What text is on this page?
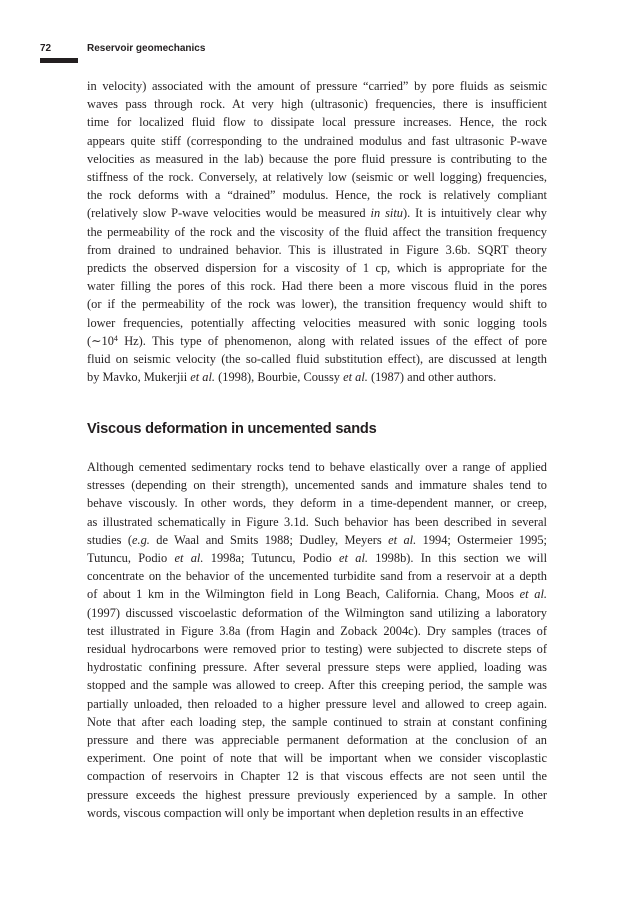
72	Reservoir geomechanics

in velocity) associated with the amount of pressure “carried” by pore fluids as seismic
waves pass through rock. At very high (ultrasonic) frequencies, there is insufficient
time for localized fluid flow to dissipate local pressure increases. Hence, the rock
appears quite stiff (corresponding to the undrained modulus and fast ultrasonic P-wave
velocities as measured in the lab) because the pore fluid pressure is contributing to the
stiffness of the rock. Conversely, at relatively low (seismic or well logging) frequencies,
the rock deforms with a “drained” modulus. Hence, the rock is relatively compliant
(relatively slow P-wave velocities would be measured in situ). It is intuitively clear why
the permeability of the rock and the viscosity of the fluid affect the transition frequency
from drained to undrained behavior. This is illustrated in Figure 3.6b. SQRT theory
predicts the observed dispersion for a viscosity of 1 cp, which is appropriate for the
water filling the pores of this rock. Had there been a more viscous fluid in the pores
(or if the permeability of the rock was lower), the transition frequency would shift to
lower frequencies, potentially affecting velocities measured with sonic logging tools
($\sim 10^4$ Hz). This type of phenomenon, along with related issues of the effect of pore
fluid on seismic velocity (the so-called fluid substitution effect), are discussed at length
by Mavko, Mukerjii et al. (1998), Bourbie, Coussy et al. (1987) and other authors.

Viscous deformation in uncemented sands

Although cemented sedimentary rocks tend to behave elastically over a range of applied
stresses (depending on their strength), uncemented sands and immature shales tend to
behave viscously. In other words, they deform in a time-dependent manner, or creep,
as illustrated schematically in Figure 3.1d. Such behavior has been described in several
studies (e.g. de Waal and Smits 1988; Dudley, Meyers et al. 1994; Ostermeier 1995;
Tutuncu, Podio et al. 1998a; Tutuncu, Podio et al. 1998b). In this section we will
concentrate on the behavior of the uncemented turbidite sand from a reservoir at a depth
of about 1 km in the Wilmington field in Long Beach, California. Chang, Moos et al.
(1997) discussed viscoelastic deformation of the Wilmington sand utilizing a laboratory
test illustrated in Figure 3.8a (from Hagin and Zoback 2004c). Dry samples (traces of
residual hydrocarbons were removed prior to testing) were subjected to discrete steps of
hydrostatic confining pressure. After several pressure steps were applied, loading was
stopped and the sample was allowed to creep. After this creeping period, the sample was
partially unloaded, then reloaded to a higher pressure level and allowed to creep again.
Note that after each loading step, the sample continued to strain at constant confining
pressure and there was appreciable permanent deformation at the conclusion of an
experiment. One point of note that will be important when we consider viscoplastic
compaction of reservoirs in Chapter 12 is that viscous effects are not seen until the
pressure exceeds the highest pressure previously experienced by a sample. In other
words, viscous compaction will only be important when depletion results in an effective
